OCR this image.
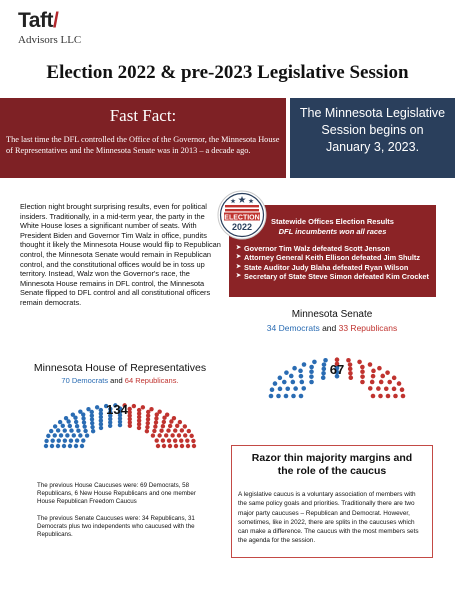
Taft/
Advisors LLC
Election 2022 & pre-2023 Legislative Session
Fast Fact:
The last time the DFL controlled the Office of the Governor, the Minnesota House of Representatives and the Minnesota Senate was in 2013 – a decade ago.
The Minnesota Legislative
Session begins on
January 3, 2023.
Election night brought surprising results, even for political insiders. Traditionally, in a mid-term year, the party in the White House loses a significant number of seats. With President Biden and Governor Tim Walz in office, pundits thought it likely the Minnesota House would flip to Republican control, the Minnesota Senate would remain in Republican control, and the constitutional offices would be in toss up territory. Instead, Walz won the Governor's race, the Minnesota House remains in DFL control, the Minnesota Senate flipped to DFL control and all constitutional officers remain democrats.
Statewide Offices Election Results
DFL incumbents won all races
➤ Governor Tim Walz defeated Scott Jenson
➤ Attorney General Keith Ellison defeated Jim Shultz
➤ State Auditor Judy Blaha defeated Ryan Wilson
➤ Secretary of State Steve Simon defeated Kim Crocket
ELECTION
2022
Minnesota Senate
34 Democrats and 33 Republicans
67
Minnesota House of Representatives
70 Democrats and 64 Republicans.
134

The previous House Caucuses were: 69 Democrats, 58 Republicans, 6 New House Republicans and one member House Republican Freedom Caucus

The previous Senate Caucuses were: 34 Republicans, 31 Democrats plus two independents who caucused with the Republicans.

Razor thin majority margins and
the role of the caucus
A legislative caucus is a voluntary association of members with the same policy goals and priorities. Traditionally there are two major party caucuses – Republican and Democrat. However, sometimes, like in 2022, there are splits in the caucuses which can make a difference. The caucus with the most members sets the agenda for the session.
